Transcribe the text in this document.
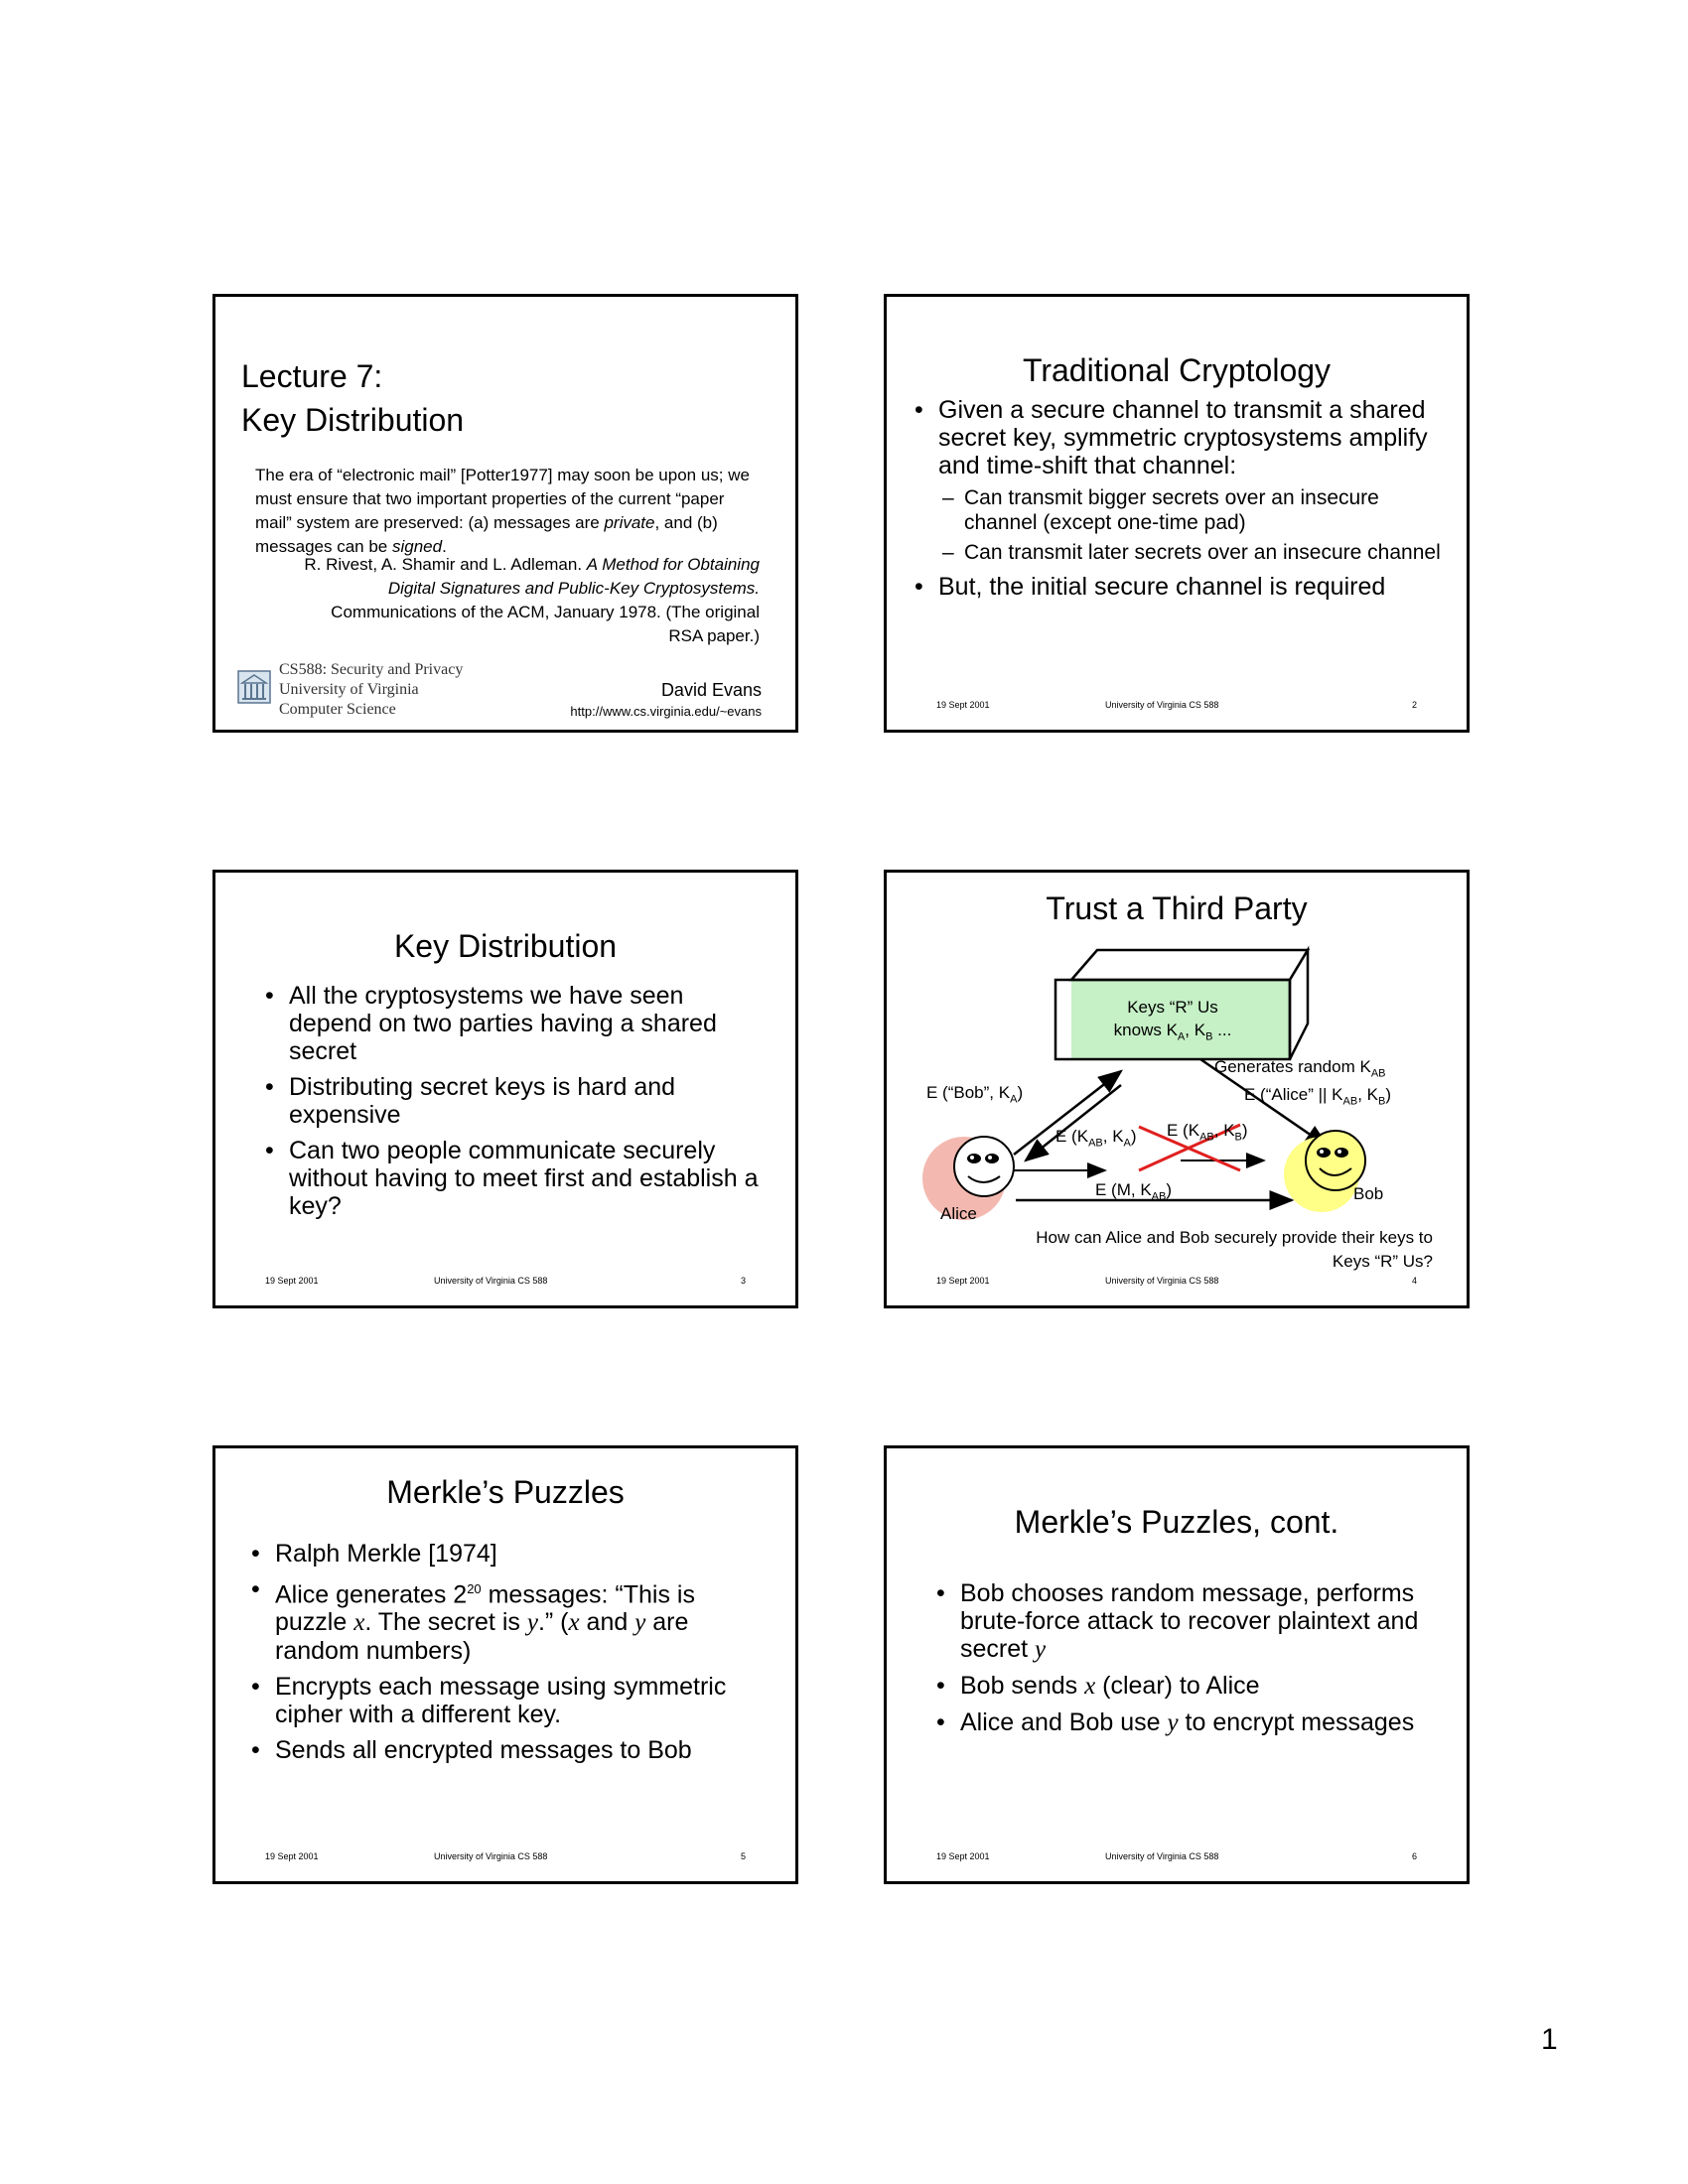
Lecture 7:
Key Distribution
The era of “electronic mail” [Potter1977] may soon be upon us; we must ensure that two important properties of the current “paper mail” system are preserved: (a) messages are private, and (b) messages can be signed.
R. Rivest, A. Shamir and L. Adleman. A Method for Obtaining Digital Signatures and Public-Key Cryptosystems. Communications of the ACM, January 1978. (The original RSA paper.)
CS588: Security and Privacy
University of Virginia
Computer Science
David Evans
http://www.cs.virginia.edu/~evans
Traditional Cryptology
• Given a secure channel to transmit a shared secret key, symmetric cryptosystems amplify and time-shift that channel:
– Can transmit bigger secrets over an insecure channel (except one-time pad)
– Can transmit later secrets over an insecure channel
• But, the initial secure channel is required
19 Sept 2001	University of Virginia CS 588	2
Key Distribution
• All the cryptosystems we have seen depend on two parties having a shared secret
• Distributing secret keys is hard and expensive
• Can two people communicate securely without having to meet first and establish a key?
19 Sept 2001	University of Virginia CS 588	3
Trust a Third Party
Keys “R” Us
knows $K_A$, $K_B$ ...
E (“Bob”, $K_A$)
Generates random $K_{AB}$
E (“Alice” || $K_{AB}$, $K_B$)
E ($K_{AB}$, $K_A$) E ($K_{AB}$, $K_B$)
E (M, $K_{AB}$)
Alice
Bob
How can Alice and Bob securely provide their keys to Keys “R” Us?
19 Sept 2001	University of Virginia CS 588	4
Merkle’s Puzzles
• Ralph Merkle [1974]
• Alice generates $2^{20}$ messages: “This is puzzle x. The secret is y.” (x and y are random numbers)
• Encrypts each message using symmetric cipher with a different key.
• Sends all encrypted messages to Bob
19 Sept 2001	University of Virginia CS 588	5
Merkle’s Puzzles, cont.
• Bob chooses random message, performs brute-force attack to recover plaintext and secret y
• Bob sends x (clear) to Alice
• Alice and Bob use y to encrypt messages
19 Sept 2001	University of Virginia CS 588	6
1
